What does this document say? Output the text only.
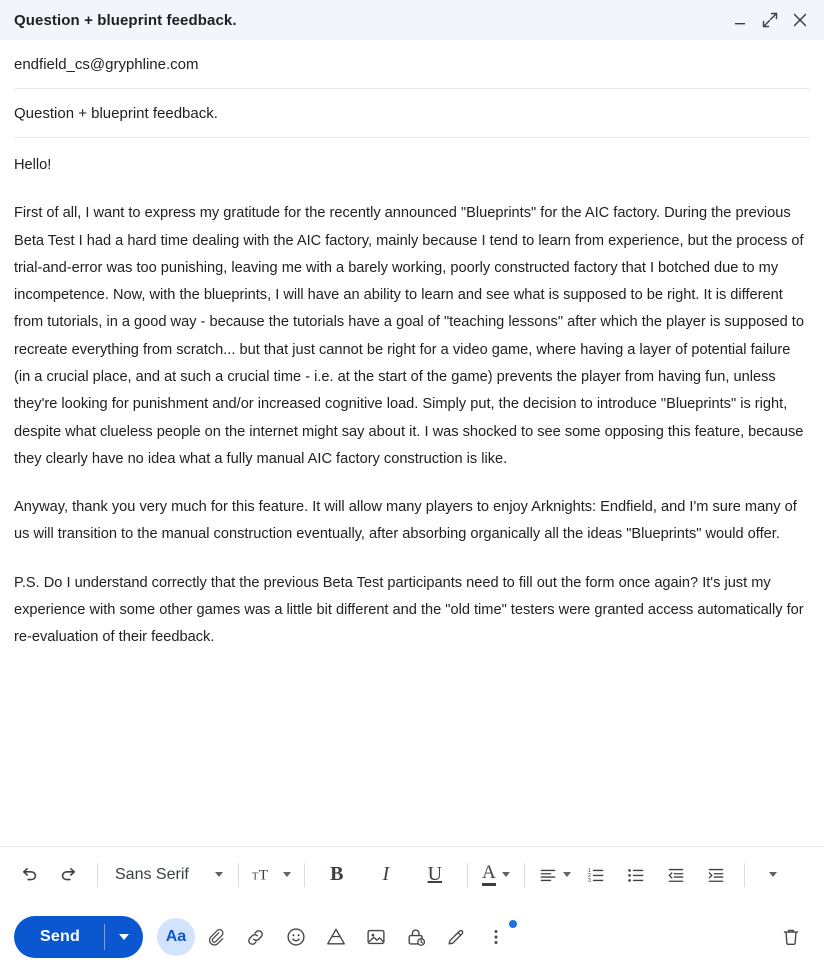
Question + blueprint feedback.
endfield_cs@gryphline.com
Question + blueprint feedback.

Hello!

First of all, I want to express my gratitude for the recently announced "Blueprints" for the AIC factory. During the previous Beta Test I had a hard time dealing with the AIC factory, mainly because I tend to learn from experience, but the process of trial-and-error was too punishing, leaving me with a barely working, poorly constructed factory that I botched due to my incompetence. Now, with the blueprints, I will have an ability to learn and see what is supposed to be right. It is different from tutorials, in a good way - because the tutorials have a goal of "teaching lessons" after which the player is supposed to recreate everything from scratch... but that just cannot be right for a video game, where having a layer of potential failure (in a crucial place, and at such a crucial time - i.e. at the start of the game) prevents the player from having fun, unless they're looking for punishment and/or increased cognitive load. Simply put, the decision to introduce "Blueprints" is right, despite what clueless people on the internet might say about it. I was shocked to see some opposing this feature, because they clearly have no idea what a fully manual AIC factory construction is like.

Anyway, thank you very much for this feature. It will allow many players to enjoy Arknights: Endfield, and I'm sure many of us will transition to the manual construction eventually, after absorbing organically all the ideas "Blueprints" would offer.

P.S. Do I understand correctly that the previous Beta Test participants need to fill out the form once again? It's just my experience with some other games was a little bit different and the "old time" testers were granted access automatically for re-evaluation of their feedback.

Sans Serif	T T	B	I	U	A	1
2
3
Send	Aa
